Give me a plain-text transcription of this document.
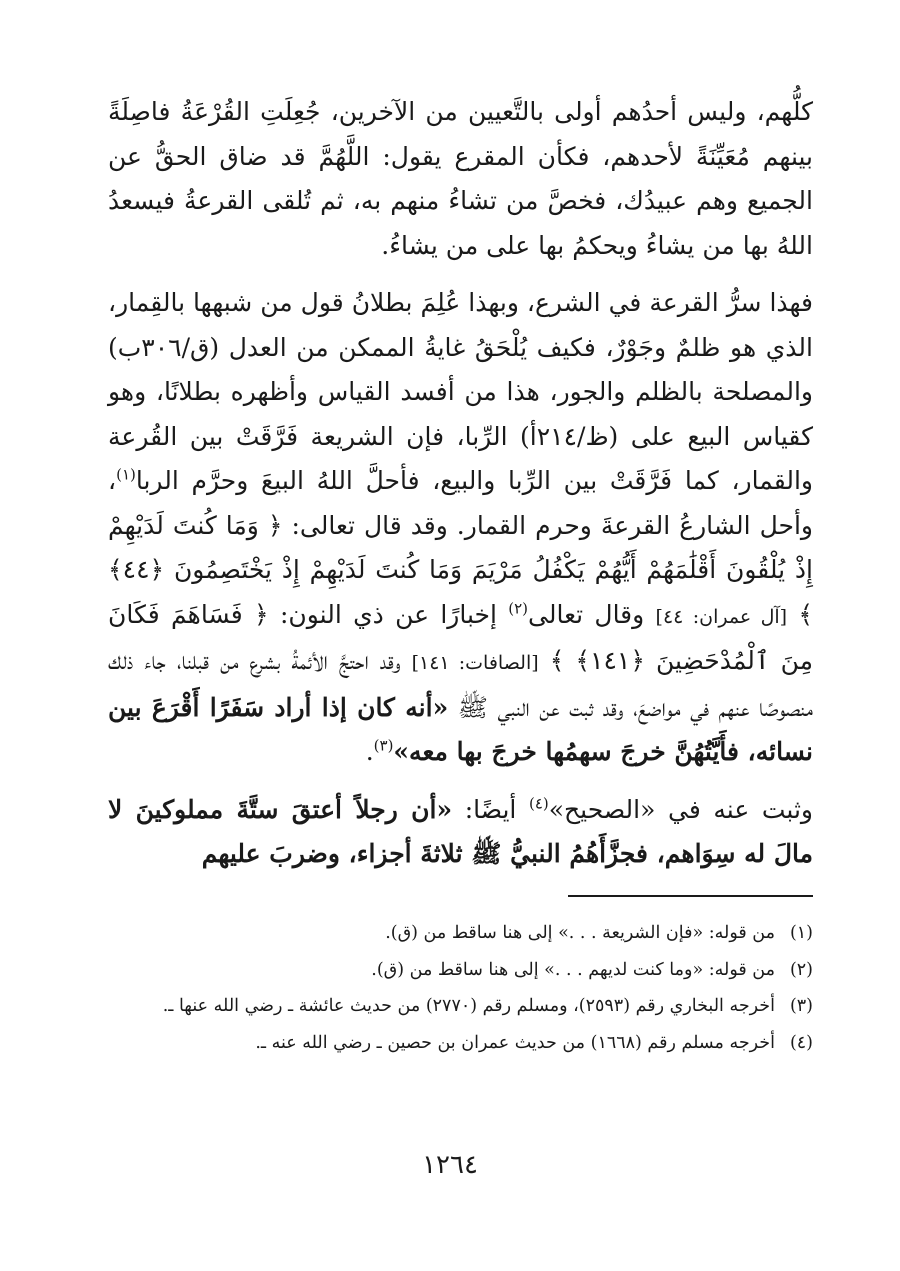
كلُّهم، وليس أحدُهم أولى بالتَّعيين من الآخرين، جُعِلَتِ القُرْعَةُ فاصِلَةً بينهم مُعَيِّنَةً لأحدهم، فكأن المقرع يقول: اللَّهُمَّ قد ضاق الحقُّ عن الجميع وهم عبيدُك، فخصَّ من تشاءُ منهم به، ثم تُلقى القرعةُ فيسعدُ اللهُ بها من يشاءُ ويحكمُ بها على من يشاءُ.

فهذا سرُّ القرعة في الشرع، وبهذا عُلِمَ بطلانُ قول من شبهها بالقِمار، الذي هو ظلمٌ وجَوْرٌ، فكيف يُلْحَقُ غايةُ الممكن من العدل (ق/٣٠٦ب) والمصلحة بالظلم والجور، هذا من أفسد القياس وأظهره بطلانًا، وهو كقياس البيع على (ظ/٢١٤أ) الرِّبا، فإن الشريعة فَرَّقَتْ بين القُرعة والقمار، كما فَرَّقَتْ بين الرِّبا والبيع، فأحلَّ اللهُ البيعَ وحرَّم الربا$^{(١)}$، وأحل الشارعُ القرعةَ وحرم القمار. وقد قال تعالى: ﴿ وَمَا كُنتَ لَدَيْهِمْ إِذْ يُلْقُونَ أَقْلَٰمَهُمْ أَيُّهُمْ يَكْفُلُ مَرْيَمَ وَمَا كُنتَ لَدَيْهِمْ إِذْ يَخْتَصِمُونَ ﴿٤٤﴾ ﴾ [آل عمران: ٤٤] وقال تعالى$^{(٢)}$ إخبارًا عن ذي النون: ﴿ فَسَاهَمَ فَكَانَ مِنَ ٱلْمُدْحَضِينَ ﴿١٤١﴾ ﴾ [الصافات: ١٤١] وقد احتجَّ الأئمةُ بشرع من قبلنا، جاء ذلك منصوصًا عنهم في مواضعَ، وقد ثبت عن النبي ﷺ «أنه كان إذا أراد سَفَرًا أَقْرَعَ بين نسائه، فأَيَّتُهُنَّ خرجَ سهمُها خرجَ بها معه»$^{(٣)}$.

وثبت عنه في «الصحيح»$^{(٤)}$ أيضًا: «أن رجلاً أعتقَ ستَّةَ مملوكينَ لا مالَ له سِوَاهم، فجزَّأَهُمُ النبيُّ ﷺ ثلاثةَ أجزاء، وضربَ عليهم

(١)
من قوله: «فإن الشريعة . . .» إلى هنا ساقط من (ق).
(٢)
من قوله: «وما كنت لديهم . . .» إلى هنا ساقط من (ق).
(٣)
أخرجه البخاري رقم (٢٥٩٣)، ومسلم رقم (٢٧٧٠) من حديث عائشة ـ رضي الله عنها ـ.
(٤)
أخرجه مسلم رقم (١٦٦٨) من حديث عمران بن حصين ـ رضي الله عنه ـ.
١٢٦٤
